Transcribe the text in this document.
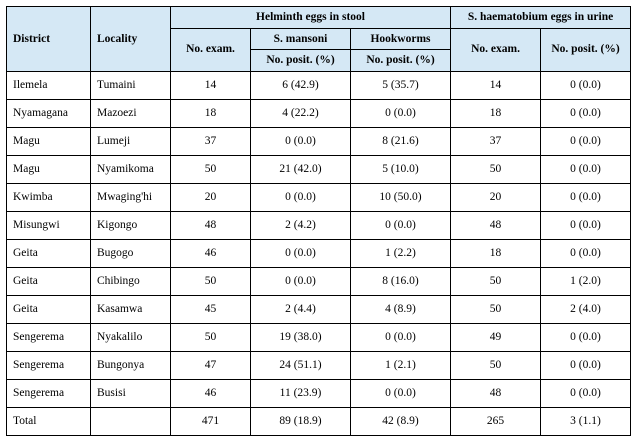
District	Locality	Helminth eggs in stool			S. haematobium eggs in urine	
		No. exam.	S. mansoni	Hookworms	No. exam.	No. posit. (%)
			No. posit. (%)	No. posit. (%)		
Ilemela	Tumaini	14	6 (42.9)	5 (35.7)	14	0 (0.0)
Nyamagana	Mazoezi	18	4 (22.2)	0 (0.0)	18	0 (0.0)
Magu	Lumeji	37	0 (0.0)	8 (21.6)	37	0 (0.0)
Magu	Nyamikoma	50	21 (42.0)	5 (10.0)	50	0 (0.0)
Kwimba	Mwaging'hi	20	0 (0.0)	10 (50.0)	20	0 (0.0)
Misungwi	Kigongo	48	2 (4.2)	0 (0.0)	48	0 (0.0)
Geita	Bugogo	46	0 (0.0)	1 (2.2)	18	0 (0.0)
Geita	Chibingo	50	0 (0.0)	8 (16.0)	50	1 (2.0)
Geita	Kasamwa	45	2 (4.4)	4 (8.9)	50	2 (4.0)
Sengerema	Nyakalilo	50	19 (38.0)	0 (0.0)	49	0 (0.0)
Sengerema	Bungonya	47	24 (51.1)	1 (2.1)	50	0 (0.0)
Sengerema	Busisi	46	11 (23.9)	0 (0.0)	48	0 (0.0)
Total		471	89 (18.9)	42 (8.9)	265	3 (1.1)
